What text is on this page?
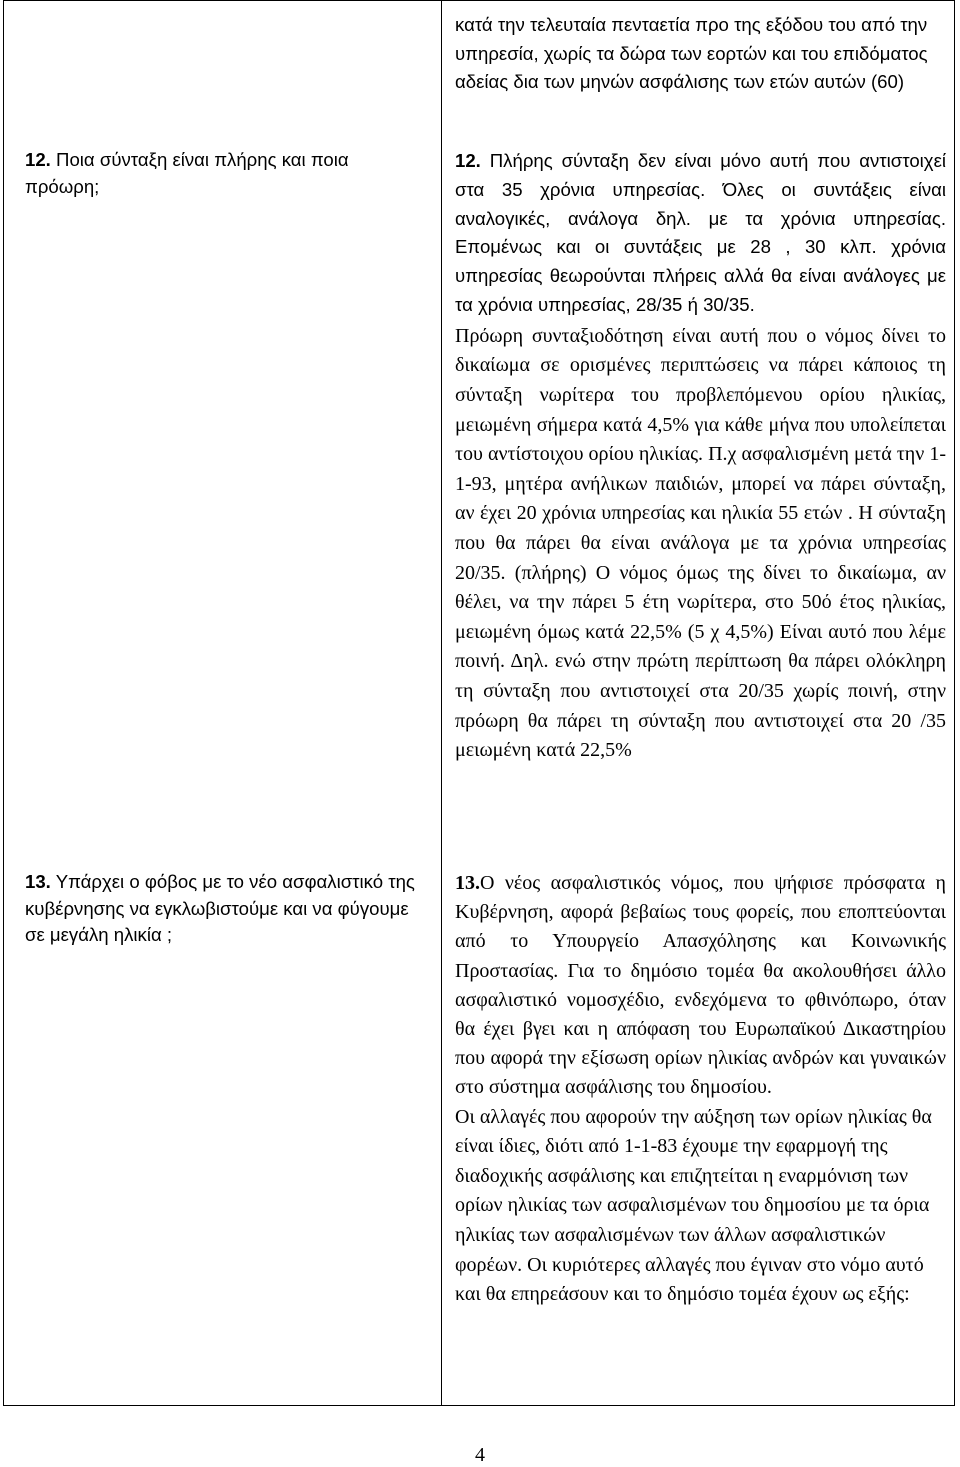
κατά την τελευταία πενταετία προ της εξόδου του από την υπηρεσία, χωρίς τα δώρα των εορτών και του επιδόματος αδείας δια των μηνών ασφάλισης των ετών αυτών (60)

12. Ποια σύνταξη είναι πλήρης και ποια πρόωρη;

12. Πλήρης σύνταξη δεν είναι μόνο αυτή που αντιστοιχεί στα 35 χρόνια υπηρεσίας. Όλες οι συντάξεις είναι αναλογικές, ανάλογα δηλ. με τα χρόνια υπηρεσίας. Επομένως και οι συντάξεις με 28 , 30 κλπ. χρόνια υπηρεσίας θεωρούνται πλήρεις αλλά θα είναι ανάλογες με τα χρόνια υπηρεσίας, 28/35 ή 30/35.

Πρόωρη συνταξιοδότηση είναι αυτή που ο νόμος δίνει το δικαίωμα σε ορισμένες περιπτώσεις να πάρει κάποιος τη σύνταξη νωρίτερα του προβλεπόμενου ορίου ηλικίας, μειωμένη σήμερα κατά 4,5% για κάθε μήνα που υπολείπεται του αντίστοιχου ορίου ηλικίας. Π.χ ασφαλισμένη μετά την 1-1-93, μητέρα ανήλικων παιδιών, μπορεί να πάρει σύνταξη, αν έχει 20 χρόνια υπηρεσίας και ηλικία 55 ετών . Η σύνταξη που θα πάρει θα είναι ανάλογα με τα χρόνια υπηρεσίας 20/35. (πλήρης) Ο νόμος όμως της δίνει το δικαίωμα, αν θέλει, να την πάρει 5 έτη νωρίτερα, στο 50ό έτος ηλικίας, μειωμένη όμως κατά 22,5% (5 χ 4,5%) Είναι αυτό που λέμε ποινή. Δηλ. ενώ στην πρώτη περίπτωση θα πάρει ολόκληρη τη σύνταξη που αντιστοιχεί στα 20/35 χωρίς ποινή, στην πρόωρη θα πάρει τη σύνταξη που αντιστοιχεί στα 20 /35 μειωμένη κατά 22,5%

13. Υπάρχει ο φόβος με το νέο ασφαλιστικό της κυβέρνησης να εγκλωβιστούμε και να φύγουμε σε μεγάλη ηλικία ;

13.Ο νέος ασφαλιστικός νόμος, που ψήφισε πρόσφατα η Κυβέρνηση, αφορά βεβαίως τους φορείς, που εποπτεύονται από το Υπουργείο Απασχόλησης και Κοινωνικής Προστασίας. Για το δημόσιο τομέα θα ακολουθήσει άλλο ασφαλιστικό νομοσχέδιο, ενδεχόμενα το φθινόπωρο, όταν θα έχει βγει και η απόφαση του Ευρωπαϊκού Δικαστηρίου που αφορά την εξίσωση ορίων ηλικίας ανδρών και γυναικών στο σύστημα ασφάλισης του δημοσίου.

Οι αλλαγές που αφορούν την αύξηση των ορίων ηλικίας θα είναι ίδιες, διότι από 1-1-83 έχουμε την εφαρμογή της διαδοχικής ασφάλισης και επιζητείται η εναρμόνιση των ορίων ηλικίας των ασφαλισμένων του δημοσίου με τα όρια ηλικίας των ασφαλισμένων των άλλων ασφαλιστικών φορέων. Οι κυριότερες αλλαγές που έγιναν στο νόμο αυτό και θα επηρεάσουν και το δημόσιο τομέα έχουν ως εξής:

4
